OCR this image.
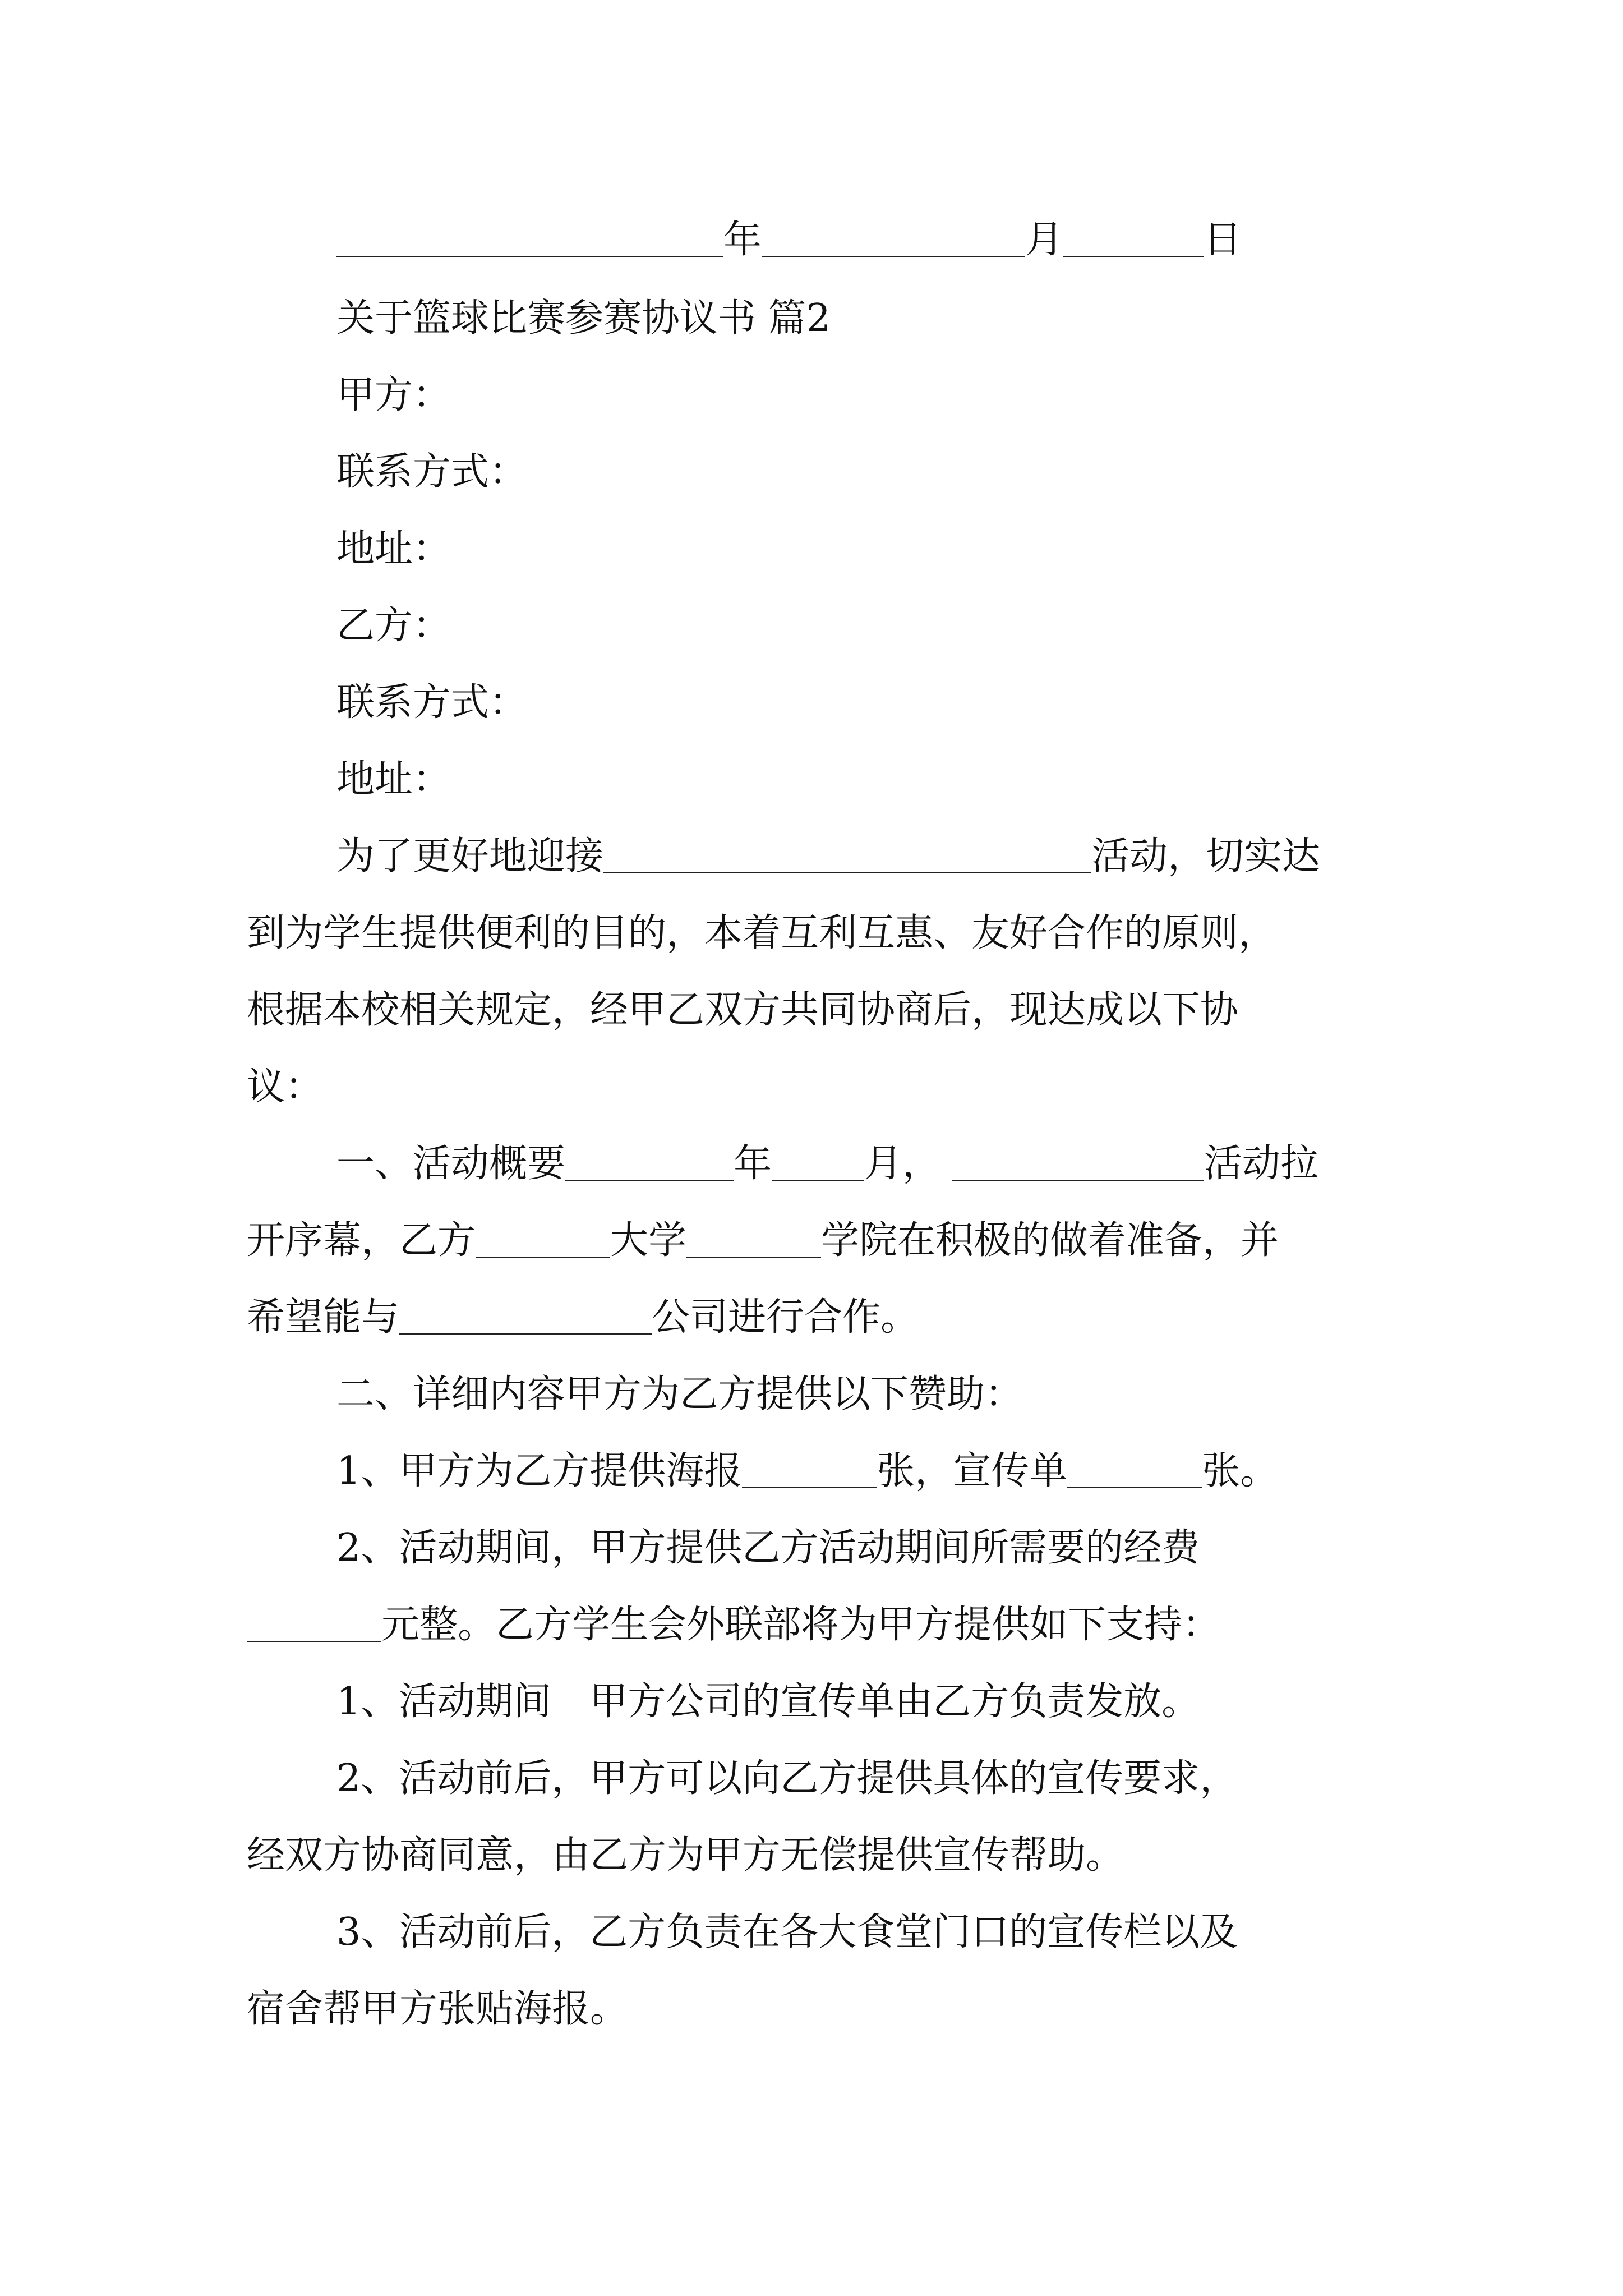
年	月	日
关于篮球比赛参赛协议书 篇2
甲方：
联系方式：
地址：
乙方：
联系方式：
地址：
为了更好地迎接	活动，切实达
到为学生提供便利的目的，本着互利互惠、友好合作的原则，
根据本校相关规定，经甲乙双方共同协商后，现达成以下协
议：
一、活动概要	年 月，	活动拉
开序幕，乙方	大学	学院在积极的做着准备，并
希望能与	公司进行合作。
二、详细内容甲方为乙方提供以下赞助：
1、甲方为乙方提供海报	张，宣传单	张。
2、活动期间，甲方提供乙方活动期间所需要的经费
元整。乙方学生会外联部将为甲方提供如下支持：
1、活动期间 甲方公司的宣传单由乙方负责发放。
2、活动前后，甲方可以向乙方提供具体的宣传要求，
经双方协商同意，由乙方为甲方无偿提供宣传帮助。
3、活动前后，乙方负责在各大食堂门口的宣传栏以及
宿舍帮甲方张贴海报。
